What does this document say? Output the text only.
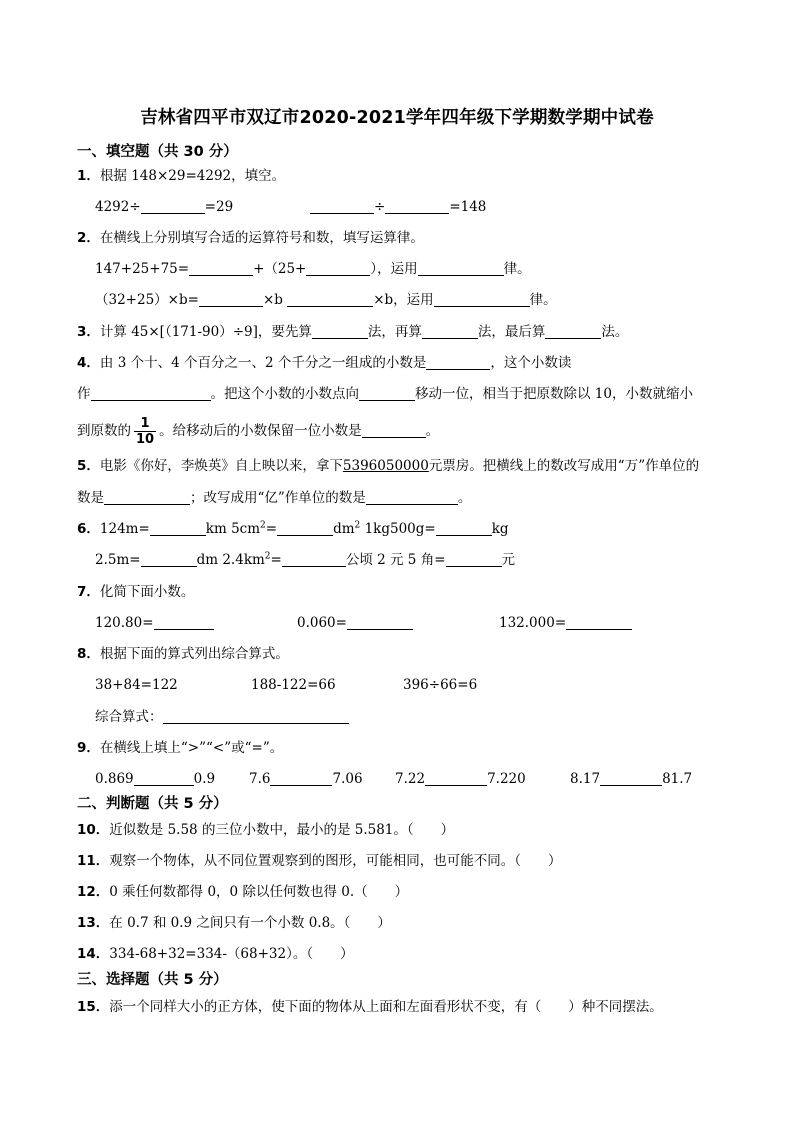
吉林省四平市双辽市2020-2021学年四年级下学期数学期中试卷
一、填空题（共 30 分）
1．根据 148×29=4292，填空。
4292÷	=29	÷	=148
2．在横线上分别填写合适的运算符号和数，填写运算律。
147+25+75=	+（25+	），运用	律。
（32+25）×b=	×b	×b，运用	律。
3．计算 45×[（171-90）÷9]，要先算	法，再算	法，最后算	法。
4．由 3 个十、4 个百分之一、2 个千分之一组成的小数是	，这个小数读
作	。把这个小数的小数点向	移动一位，相当于把原数除以 10，小数就缩小
到原数的 $\frac{1}{10}$ 。给移动后的小数保留一位小数是	。
5．电影《你好，李焕英》自上映以来，拿下5396050000元票房。把横线上的数改写成用“万”作单位的
数是	；改写成用“亿”作单位的数是	。
6．124m=	km $5cm^2=$	$dm^2$ 1kg500g=	kg
2.5m=	dm $2.4km^2=$	公顷 2 元 5 角=	元
7．化简下面小数。
120.80=	0.060=	132.000=
8．根据下面的算式列出综合算式。
38+84=122	188-122=66	396÷66=6
综合算式：
9．在横线上填上“>”“<”或“=”。
0.869	0.9	7.6	7.06 7.22	7.220	8.17	81.7
二、判断题（共 5 分）
10．近似数是 5.58 的三位小数中，最小的是 5.581。（　　）
11．观察一个物体，从不同位置观察到的图形，可能相同，也可能不同。（　　）
12．0 乘任何数都得 0，0 除以任何数也得 0.（　　）
13．在 0.7 和 0.9 之间只有一个小数 0.8。（　　）
14．334-68+32=334-（68+32）。（　　）
三、选择题（共 5 分）
15．添一个同样大小的正方体，使下面的物体从上面和左面看形状不变，有（　　）种不同摆法。
